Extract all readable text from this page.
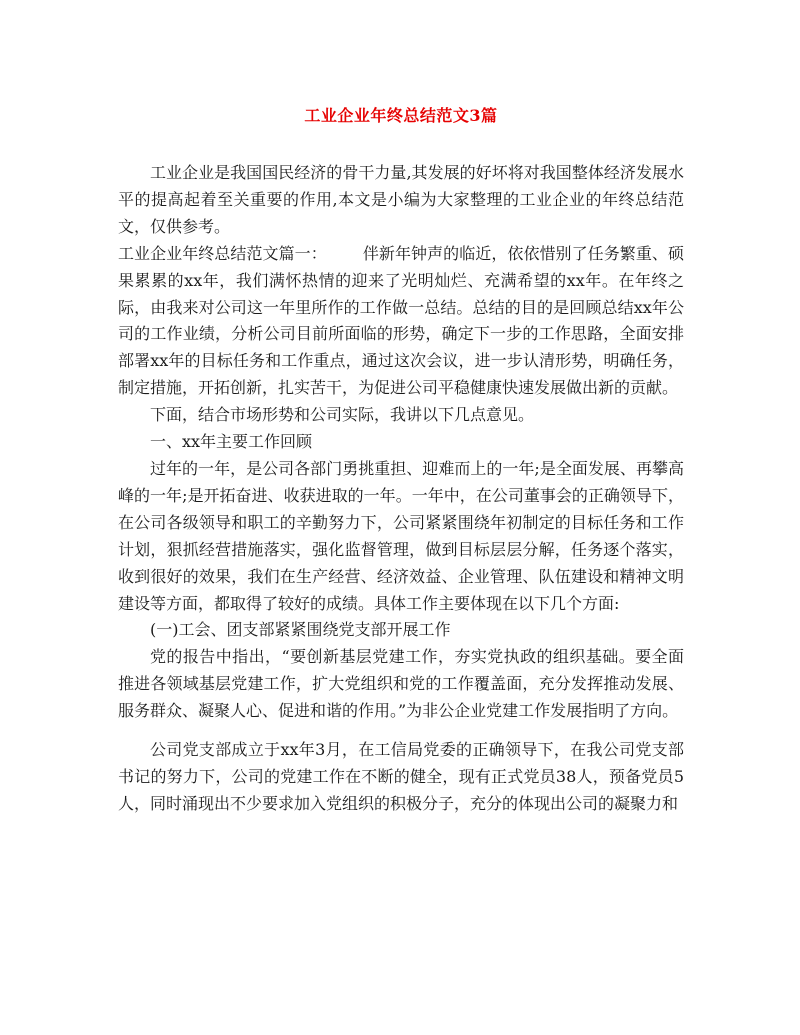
工业企业年终总结范文3篇

工业企业是我国国民经济的骨干力量,其发展的好坏将对我国整体经济发展水平的提高起着至关重要的作用,本文是小编为大家整理的工业企业的年终总结范文，仅供参考。

工业企业年终总结范文篇一： 伴新年钟声的临近，依依惜别了任务繁重、硕果累累的xx年，我们满怀热情的迎来了光明灿烂、充满希望的xx年。在年终之际，由我来对公司这一年里所作的工作做一总结。总结的目的是回顾总结xx年公司的工作业绩，分析公司目前所面临的形势，确定下一步的工作思路，全面安排部署xx年的目标任务和工作重点，通过这次会议，进一步认清形势，明确任务，制定措施，开拓创新，扎实苦干，为促进公司平稳健康快速发展做出新的贡献。

下面，结合市场形势和公司实际，我讲以下几点意见。

一、xx年主要工作回顾

过年的一年，是公司各部门勇挑重担、迎难而上的一年;是全面发展、再攀高峰的一年;是开拓奋进、收获进取的一年。一年中，在公司董事会的正确领导下，在公司各级领导和职工的辛勤努力下，公司紧紧围绕年初制定的目标任务和工作计划，狠抓经营措施落实，强化监督管理，做到目标层层分解，任务逐个落实，收到很好的效果，我们在生产经营、经济效益、企业管理、队伍建设和精神文明建设等方面，都取得了较好的成绩。具体工作主要体现在以下几个方面:

(一)工会、团支部紧紧围绕党支部开展工作

党的报告中指出，“要创新基层党建工作，夯实党执政的组织基础。要全面推进各领域基层党建工作，扩大党组织和党的工作覆盖面，充分发挥推动发展、服务群众、凝聚人心、促进和谐的作用。”为非公企业党建工作发展指明了方向。

公司党支部成立于xx年3月，在工信局党委的正确领导下，在我公司党支部书记的努力下，公司的党建工作在不断的健全，现有正式党员38人，预备党员5人，同时涌现出不少要求加入党组织的积极分子，充分的体现出公司的凝聚力和
